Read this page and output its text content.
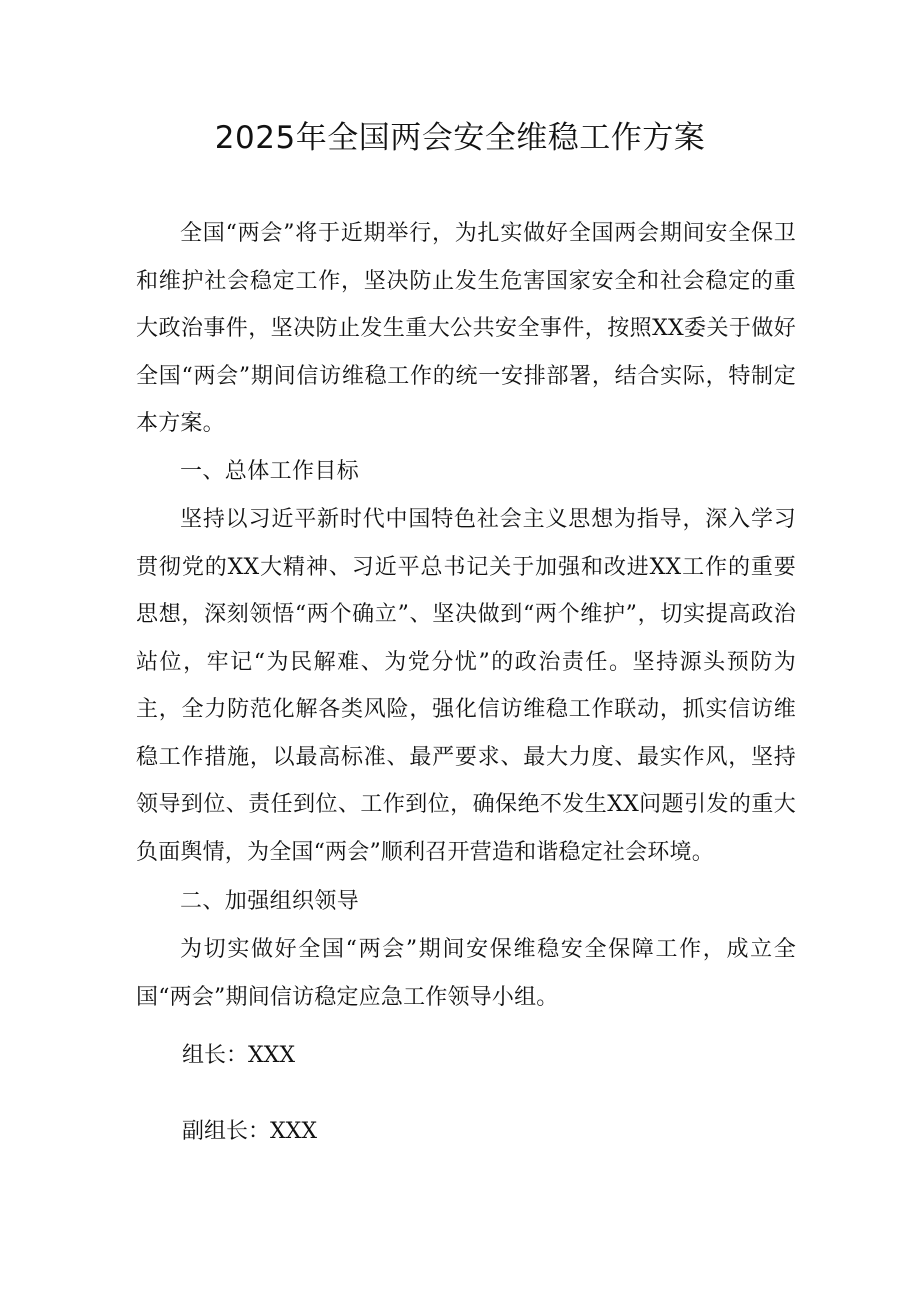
2025年全国两会安全维稳工作方案

全国“两会”将于近期举行，为扎实做好全国两会期间安全保卫和维护社会稳定工作，坚决防止发生危害国家安全和社会稳定的重大政治事件，坚决防止发生重大公共安全事件，按照XX委关于做好全国“两会”期间信访维稳工作的统一安排部署，结合实际，特制定本方案。

一、总体工作目标

坚持以习近平新时代中国特色社会主义思想为指导，深入学习贯彻党的XX大精神、习近平总书记关于加强和改进XX工作的重要思想，深刻领悟“两个确立”、坚决做到“两个维护”，切实提高政治站位，牢记“为民解难、为党分忧”的政治责任。坚持源头预防为主，全力防范化解各类风险，强化信访维稳工作联动，抓实信访维稳工作措施，以最高标准、最严要求、最大力度、最实作风，坚持领导到位、责任到位、工作到位，确保绝不发生XX问题引发的重大负面舆情，为全国“两会”顺利召开营造和谐稳定社会环境。

二、加强组织领导

为切实做好全国“两会”期间安保维稳安全保障工作，成立全国“两会”期间信访稳定应急工作领导小组。

组长：XXX

副组长：XXX
